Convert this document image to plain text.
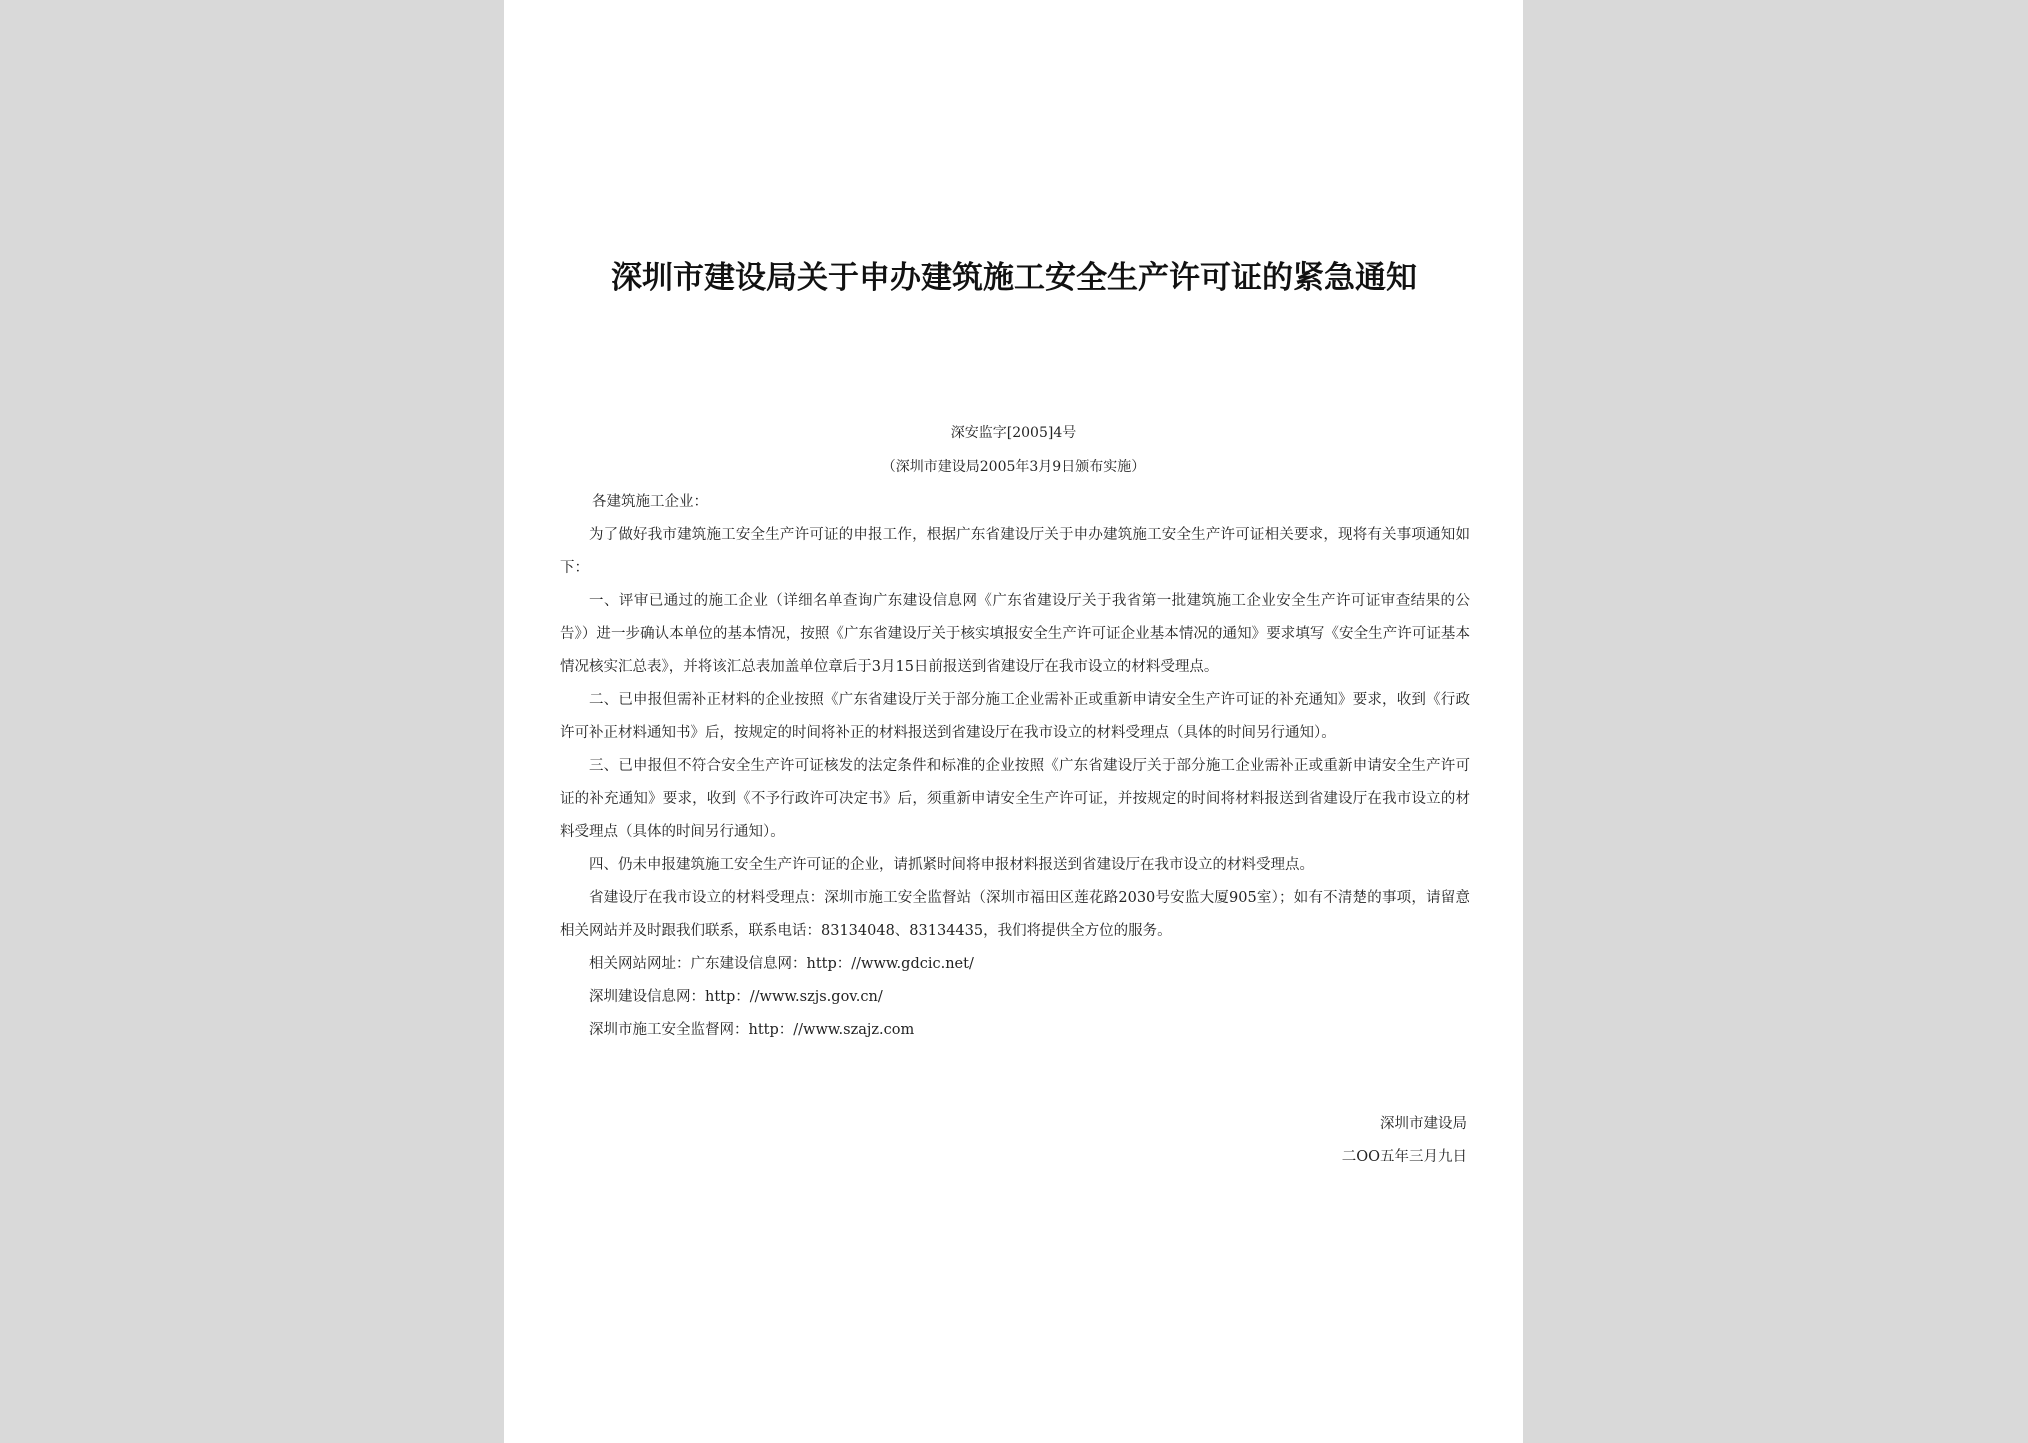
深圳市建设局关于申办建筑施工安全生产许可证的紧急通知
深安监字[2005]4号
（深圳市建设局2005年3月9日颁布实施）

各建筑施工企业：

为了做好我市建筑施工安全生产许可证的申报工作，根据广东省建设厅关于申办建筑施工安全生产许可证相关要求，现将有关事项通知如下：

一、评审已通过的施工企业（详细名单查询广东建设信息网《广东省建设厅关于我省第一批建筑施工企业安全生产许可证审查结果的公告》）进一步确认本单位的基本情况，按照《广东省建设厅关于核实填报安全生产许可证企业基本情况的通知》要求填写《安全生产许可证基本情况核实汇总表》，并将该汇总表加盖单位章后于3月15日前报送到省建设厅在我市设立的材料受理点。

二、已申报但需补正材料的企业按照《广东省建设厅关于部分施工企业需补正或重新申请安全生产许可证的补充通知》要求，收到《行政许可补正材料通知书》后，按规定的时间将补正的材料报送到省建设厅在我市设立的材料受理点（具体的时间另行通知）。

三、已申报但不符合安全生产许可证核发的法定条件和标准的企业按照《广东省建设厅关于部分施工企业需补正或重新申请安全生产许可证的补充通知》要求，收到《不予行政许可决定书》后，须重新申请安全生产许可证，并按规定的时间将材料报送到省建设厅在我市设立的材料受理点（具体的时间另行通知）。

四、仍未申报建筑施工安全生产许可证的企业，请抓紧时间将申报材料报送到省建设厅在我市设立的材料受理点。

省建设厅在我市设立的材料受理点：深圳市施工安全监督站（深圳市福田区莲花路2030号安监大厦905室）；如有不清楚的事项，请留意相关网站并及时跟我们联系，联系电话：83134048、83134435，我们将提供全方位的服务。

相关网站网址：广东建设信息网：http：//www.gdcic.net/

深圳建设信息网：http：//www.szjs.gov.cn/

深圳市施工安全监督网：http：//www.szajz.com

深圳市建设局
二OO五年三月九日
